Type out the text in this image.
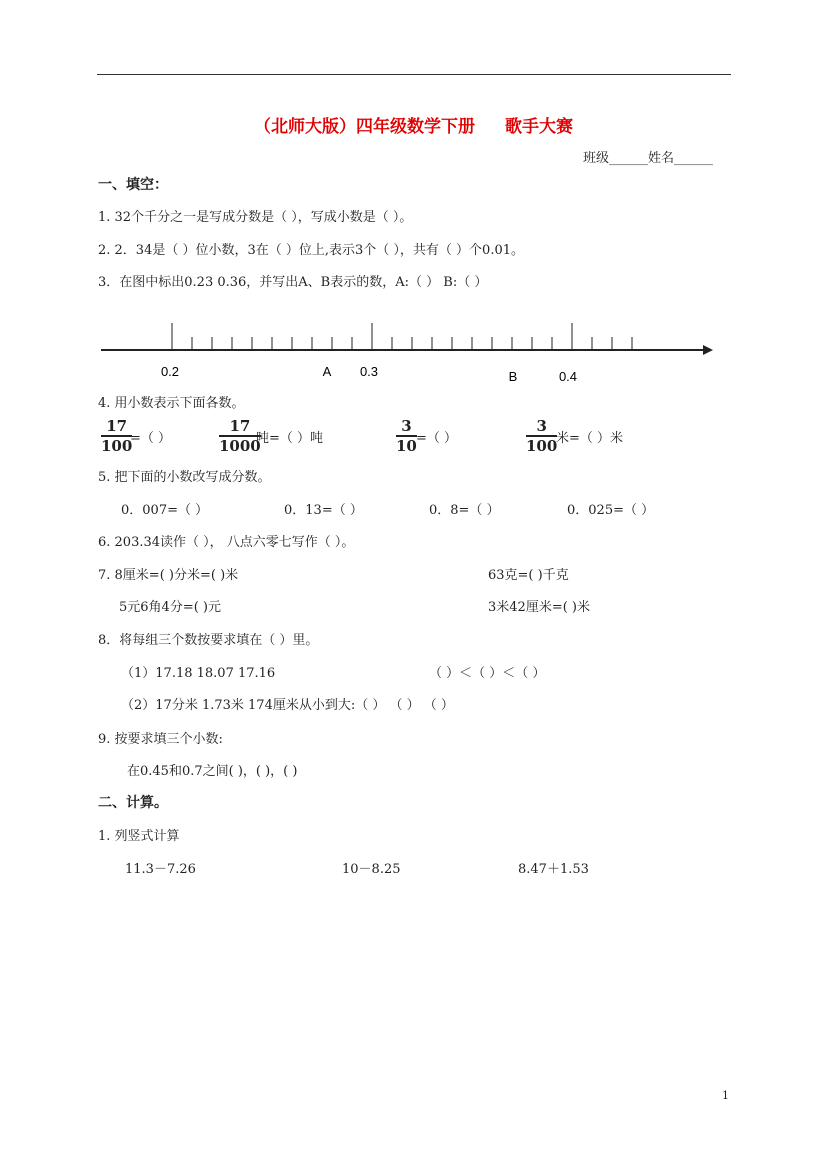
（北师大版）四年级数学下册 歌手大赛
班级______姓名______
一、填空：
1. 32个千分之一是写成分数是（ ），写成小数是（ ）。
2. 2．34是（ ）位小数，3在（ ）位上,表示3个（ ），共有（ ）个0.01。
3．在图中标出0.23 0.36，并写出A、B表示的数，A:（ ） B:（ ）
0.2	A 0.3	B	0.4
4. 用小数表示下面各数。
17
100
=（ ）
17
1000
吨=（ ）吨
3
10 =（ ）
3
100
米=（ ）米
5. 把下面的小数改写成分数。
0．007=（ ）	0．13=（ ）	0．8=（ ）	0．025=（ ）
6. 203.34读作（ ）， 八点六零七写作（ ）。
7. 8厘米=( )分米=( )米	63克=( )千克
5元6角4分=( )元	3米42厘米=( )米
8．将每组三个数按要求填在（ ）里。
（1）17.18 18.07 17.16	（ ）＜（ ）＜（ ）
（2）17分米 1.73米 174厘米从小到大:（ ） （ ） （ ）
9. 按要求填三个小数:
在0.45和0.7之间( )，( )，( )
二、计算。
1. 列竖式计算
11.3－7.26	10－8.25	8.47＋1.53
1
